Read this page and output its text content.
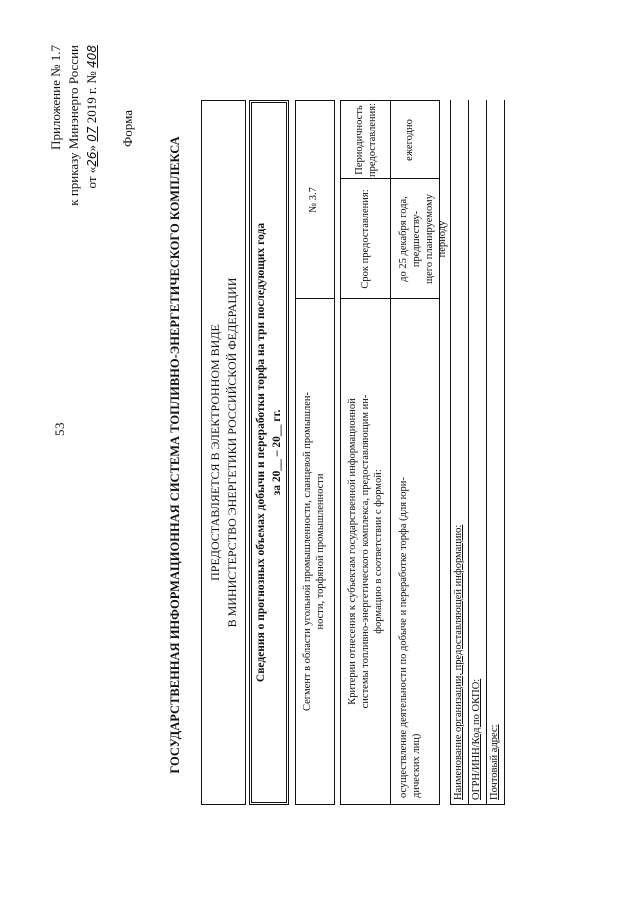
53
Приложение № 1.7 к приказу Минэнерго России от «26» 07 2019 г. № 408
Форма
ГОСУДАРСТВЕННАЯ ИНФОРМАЦИОННАЯ СИСТЕМА ТОПЛИВНО-ЭНЕРГЕТИЧЕСКОГО КОМПЛЕКСА ПРЕДОСТАВЛЯЕТСЯ В ЭЛЕКТРОННОМ ВИДЕ В МИНИСТЕРСТВО ЭНЕРГЕТИКИ РОССИЙСКОЙ ФЕДЕРАЦИИ Сведения о прогнозных объемах добычи и переработки торфа на три последующих года за 20__ – 20__ гг. Сегмент в области угольной промышленности, сланцевой промышлен- ности, торфяной промышленности
№ 3.7
Критерии отнесения к субъектам государственной информационной системы топливно-энергетического комплекса, предоставляющим ин- формацию в соответствии с формой:
Срок предоставления:
Периодичность предоставления:
осуществление деятельности по добыче и переработке торфа (для юри- дических лиц)
до 25 декабря года, предшеству- щего планируемому периоду
ежегодно
Наименование организации, предоставляющей информацию: ОГРН/ИНН/Код по ОКПО: Почтовый адрес:
